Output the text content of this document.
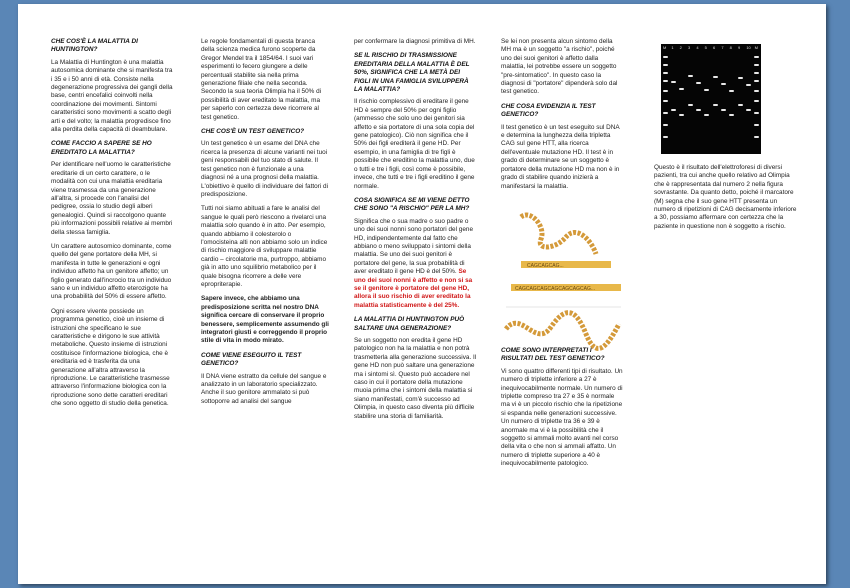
CHE COS'È LA MALATTIA DI HUNTINGTON?

La Malattia di Huntington è una malattia autosomica dominante che si manifesta tra i 35 e i 50 anni di età. Consiste nella degenerazione progressiva dei gangli della base, centri encefalici coinvolti nella coordinazione dei movimenti. Sintomi caratteristici sono movimenti a scatto degli arti e del volto; la malattia progredisce fino alla perdita della capacità di deambulare.

COME FACCIO A SAPERE SE HO EREDITATO LA MALATTIA?

Per identificare nell'uomo le caratteristiche ereditarie di un certo carattere, o le modalità con cui una malattia ereditaria viene trasmessa da una generazione all'altra, si procede con l'analisi del pedigree, ossia lo studio degli alberi genealogici. Quindi si raccolgono quante più informazioni possibili relative ai membri della stessa famiglia.

Un carattere autosomico dominante, come quello del gene portatore della MH, si manifesta in tutte le generazioni e ogni individuo affetto ha un genitore affetto; un figlio generato dall'incrocio tra un individuo sano e un individuo affetto eterozigote ha una probabilità del 50% di essere affetto.

Ogni essere vivente possiede un programma genetico, cioè un insieme di istruzioni che specificano le sue caratteristiche e dirigono le sue attività metaboliche. Questo insieme di istruzioni costituisce l'informazione biologica, che è ereditaria ed è trasferita da una generazione all'altra attraverso la riproduzione. Le caratteristiche trasmesse attraverso l'informazione biologica con la riproduzione sono dette caratteri ereditari che sono oggetto di studio della genetica.

Le regole fondamentali di questa branca della scienza medica furono scoperte da Gregor Mendel tra il 1854/64. I suoi vari esperimenti lo fecero giungere a delle percentuali stabilite sia nella prima generazione filiale che nella seconda. Secondo la sua teoria Olimpia ha il 50% di possibilità di aver ereditato la malattia, ma per saperlo con certezza deve ricorrere al test genetico.

CHE COS'È UN TEST GENETICO?

Un test genetico è un esame del DNA che ricerca la presenza di alcune varianti nei tuoi geni responsabili del tuo stato di salute. Il test genetico non è funzionale a una diagnosi né a una prognosi della malattia. L'obiettivo è quello di individuare dei fattori di predisposizione.

Tutti noi siamo abituati a fare le analisi del sangue le quali però riescono a rivelarci una malattia solo quando è in atto. Per esempio, quando abbiamo il colesterolo o l'omocisteina alti non abbiamo solo un indice di rischio maggiore di sviluppare malattie cardio – circolatorie ma, purtroppo, abbiamo già in atto uno squilibrio metabolico per il quale bisogna ricorrere a delle vere epropriterapie.

Sapere invece, che abbiamo una predisposizione scritta nel nostro DNA significa cercare di conservare il proprio benessere, semplicemente assumendo gli integratori giusti e correggendo il proprio stile di vita in modo mirato.

COME VIENE ESEGUITO IL TEST GENETICO?

Il DNA viene estratto da cellule del sangue e analizzato in un laboratorio specializzato. Anche il suo genitore ammalato si può sottoporre ad analisi del sangue

per confermare la diagnosi primitiva di MH.

SE IL RISCHIO DI TRASMISSIONE EREDITARIA DELLA MALATTIA È DEL 50%, SIGNIFICA CHE LA METÀ DEI FIGLI IN UNA FAMIGLIA SVILUPPERÀ LA MALATTIA?

Il rischio complessivo di ereditare il gene HD è sempre del 50% per ogni figlio (ammesso che solo uno dei genitori sia affetto e sia portatore di una sola copia del gene patologico). Ciò non significa che il 50% dei figli erediterà il gene HD. Per esempio, in una famiglia di tre figli è possibile che ereditino la malattia uno, due o tutti e tre i figli, così come è possibile, invece, che tutti e tre i figli ereditino il gene normale.

COSA SIGNIFICA SE MI VIENE DETTO CHE SONO "A RISCHIO" PER LA MH?

Significa che o sua madre o suo padre o uno dei suoi nonni sono portatori del gene HD, indipendentemente dal fatto che abbiano o meno sviluppato i sintomi della malattia. Se uno dei suoi genitori è portatore del gene, la sua probabilità di aver ereditato il gene HD è del 50%. Se uno dei suoi nonni è affetto e non si sa se il genitore è portatore del gene HD, allora il suo rischio di aver ereditato la malattia statisticamente è del 25%.

LA MALATTIA DI HUNTINGTON PUÒ SALTARE UNA GENERAZIONE?

Se un soggetto non eredita il gene HD patologico non ha la malattia e non potrà trasmetterla alla generazione successiva. Il gene HD non può saltare una generazione ma i sintomi sì. Questo può accadere nel caso in cui il portatore della mutazione muoia prima che i sintomi della malattia si siano manifestati, com'è successo ad Olimpia, in questo caso diventa più difficile stabilire una storia di familiarità.

Se lei non presenta alcun sintomo della MH ma è un soggetto "a rischio", poiché uno dei suoi genitori è affetto dalla malattia, lei potrebbe essere un soggetto "pre-sintomatico". In questo caso la diagnosi di "portatore" dipenderà solo dal test genetico.

CHE COSA EVIDENZIA IL TEST GENETICO?

Il test genetico è un test eseguito sul DNA e determina la lunghezza della tripletta CAG sul gene HTT, alla ricerca dell'eventuale mutazione HD. Il test è in grado di determinare se un soggetto è portatore della mutazione HD ma non è in grado di stabilire quando inizierà a manifestarsi la malattia.

COME SONO INTERPRETATI I RISULTATI DEL TEST GENETICO?

Vi sono quattro differenti tipi di risultato. Un numero di triplette inferiore a 27 è inequivocabilmente normale. Un numero di triplette compreso tra 27 e 35 è normale ma vi è un piccolo rischio che la ripetizione si espanda nelle generazioni successive. Un numero di triplette tra 36 e 39 è anormale ma vi è la possibilità che il soggetto si ammali molto avanti nel corso della vita o che non si ammali affatto. Un numero di triplette superiore a 40 è inequivocabilmente patologico.

CAGCAGCAG...
CAGCAGCAGCAGCAGCAGCAG...
M 1 2 3 4 5 6 7 8 9 10 M

Questo è il risultato dell'elettroforesi di diversi pazienti, tra cui anche quello relativo ad Olimpia che è rappresentata dal numero 2 nella figura sovrastante. Da quanto detto, poiché il marcatore (M) segna che il suo gene HTT presenta un numero di ripetizioni di CAG decisamente inferiore a 30, possiamo affermare con certezza che la paziente in questione non è soggetto a rischio.
